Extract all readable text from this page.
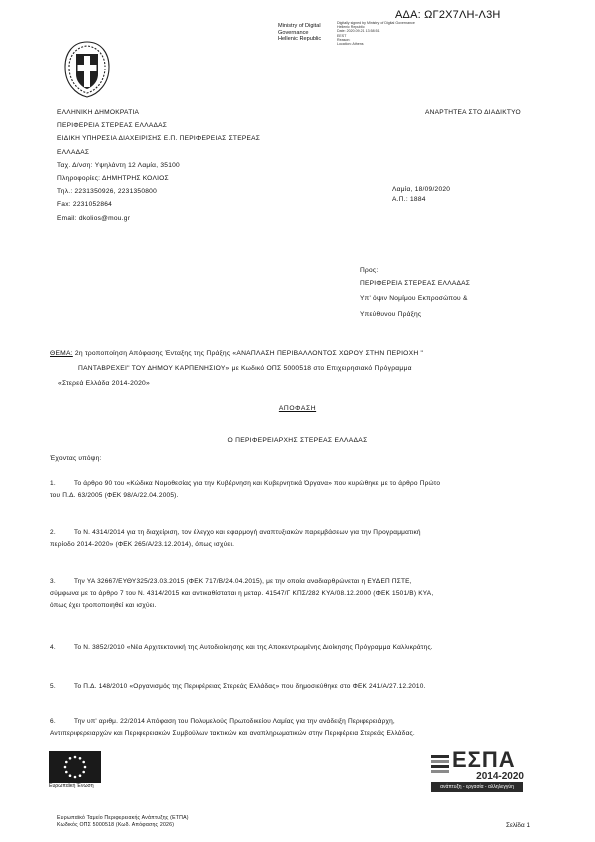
ΑΔΑ: ΩΓ2Χ7ΛΗ-Λ3Η
Ministry of Digital
Governance
Hellenic Republic
Digitally signed by Ministry of Digital Governance
Hellenic Republic
Date: 2020.09.21 13:58:51
EEST
Reason:
Location: Athens
ΕΛΛΗΝΙΚΗ ΔΗΜΟΚΡΑΤΙΑ
ΠΕΡΙΦΕΡΕΙΑ ΣΤΕΡΕΑΣ ΕΛΛΑΔΑΣ
ΕΙΔΙΚΗ ΥΠΗΡΕΣΙΑ ΔΙΑΧΕΙΡΙΣΗΣ Ε.Π. ΠΕΡΙΦΕΡΕΙΑΣ ΣΤΕΡΕΑΣ
ΕΛΛΑΔΑΣ
Ταχ. Δ/νση: Υψηλάντη 12 Λαμία, 35100
Πληροφορίες: ΔΗΜΗΤΡΗΣ ΚΟΛΙΟΣ
Τηλ.: 2231350926, 2231350800
Fax: 2231052864
Email: dkolios@mou.gr
ΑΝΑΡΤΗΤΕΑ ΣΤΟ ΔΙΑΔΙΚΤΥΟ
Λαμία, 18/09/2020
Α.Π.: 1884
Προς:
ΠΕΡΙΦΕΡΕΙΑ ΣΤΕΡΕΑΣ ΕΛΛΑΔΑΣ
Υπ' όψιν Νομίμου Εκπροσώπου &
Υπεύθυνου Πράξης
ΘΕΜΑ: 2η τροποποίηση Απόφασης Ένταξης της Πράξης «ΑΝΑΠΛΑΣΗ ΠΕΡΙΒΑΛΛΟΝΤΟΣ ΧΩΡΟΥ ΣΤΗΝ ΠΕΡΙΟΧΗ "
ΠΑΝΤΑΒΡΕΧΕΙ" ΤΟΥ ΔΗΜΟΥ ΚΑΡΠΕΝΗΣΙΟΥ» με Κωδικό ΟΠΣ 5000518 στο Επιχειρησιακό Πρόγραμμα
«Στερεά Ελλάδα 2014-2020»
ΑΠΟΦΑΣΗ
Ο ΠΕΡΙΦΕΡΕΙΑΡΧΗΣ ΣΤΕΡΕΑΣ ΕΛΛΑΔΑΣ
Έχοντας υπόψη:
1.	Το άρθρο 90 του «Κώδικα Νομοθεσίας για την Κυβέρνηση και Κυβερνητικά Όργανα» που κυρώθηκε με το άρθρο Πρώτο
του Π.Δ. 63/2005 (ΦΕΚ 98/Α/22.04.2005).
2.	Το Ν. 4314/2014 για τη διαχείριση, τον έλεγχο και εφαρμογή αναπτυξιακών παρεμβάσεων για την Προγραμματική
περίοδο 2014-2020» (ΦΕΚ 265/Α/23.12.2014), όπως ισχύει.
3.	Την ΥΑ 32667/ΕΥΘΥ325/23.03.2015 (ΦΕΚ 717/Β/24.04.2015), με την οποία αναδιαρθρώνεται η ΕΥΔΕΠ ΠΣΤΕ,
σύμφωνα με το άρθρο 7 του Ν. 4314/2015 και αντικαθίσταται η μεταρ. 41547/Γ ΚΠΣ/282 ΚΥΑ/08.12.2000 (ΦΕΚ 1501/Β) ΚΥΑ,
όπως έχει τροποποιηθεί και ισχύει.
4.	Το Ν. 3852/2010 «Νέα Αρχιτεκτονική της Αυτοδιοίκησης και της Αποκεντρωμένης Διοίκησης Πρόγραμμα Καλλικράτης.
5.	Το Π.Δ. 148/2010 «Οργανισμός της Περιφέρειας Στερεάς Ελλάδας» που δημοσιεύθηκε στο ΦΕΚ 241/Α/27.12.2010.
6.	Την υπ' αριθμ. 22/2014 Απόφαση του Πολυμελούς Πρωτοδικείου Λαμίας για την ανάδειξη Περιφερειάρχη,
Αντιπεριφερειαρχών και Περιφερειακών Συμβούλων τακτικών και αναπληρωματικών στην Περιφέρεια Στερεάς Ελλάδας.
Ευρωπαϊκή Ένωση
ΕΣΠΑ
2014-2020
ανάπτυξη - εργασία - αλληλεγγύη
Ευρωπαϊκό Ταμείο Περιφερειακής Ανάπτυξης (ΕΤΠΑ)
Κωδικός ΟΠΣ 5000518 (Κωδ. Απόφασης 2026)	Σελίδα 1
